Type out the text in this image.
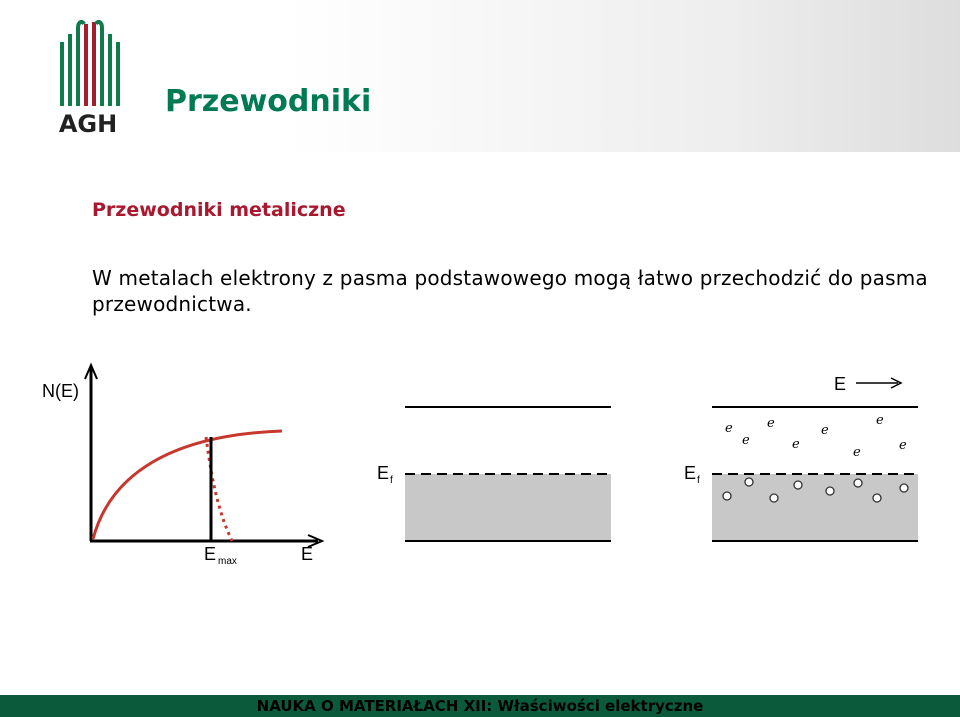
AGH
Przewodniki
Przewodniki metaliczne
W metalach elektrony z pasma podstawowego mogą łatwo przechodzić do pasma przewodnictwa.
N(E)
E max	E
E f
E
E f
e
e
e
e
e
e
e
e
NAUKA O MATERIAŁACH XII: Właściwości elektryczne
